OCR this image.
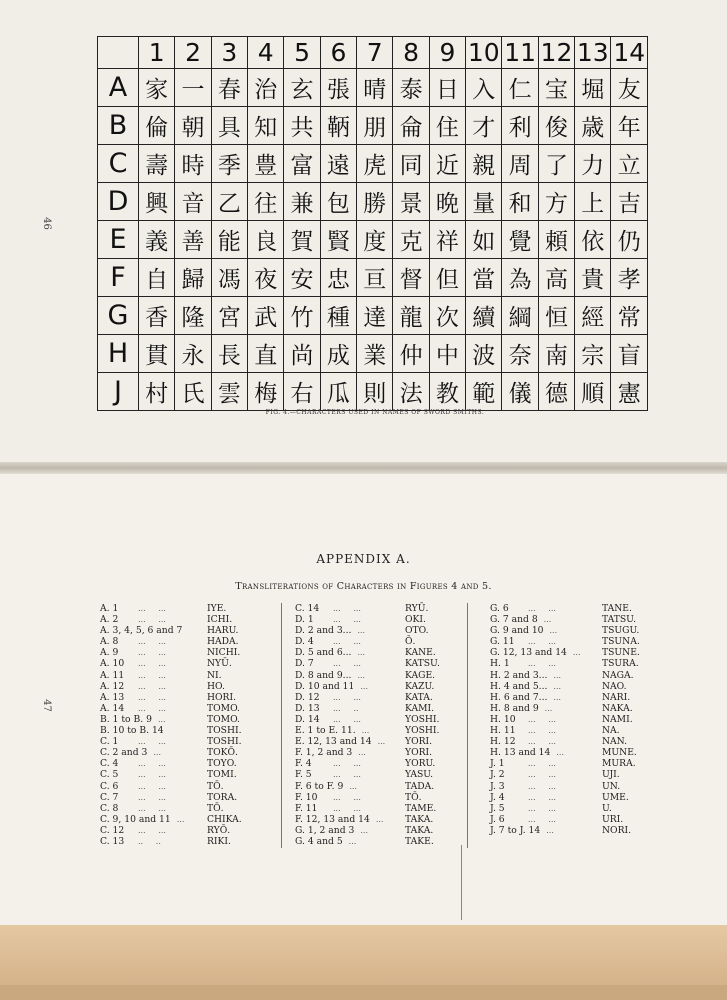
46
47
	1	2	3	4	5	6	7	8	9	10	11	12	13	14
A	家	一	春	治	玄	張	晴	泰	日	入	仁	宝	堀	友
B	倫	朝	具	知	共	鞆	朋	侖	住	才	利	俊	歳	年
C	壽	時	季	豊	富	遠	虎	同	近	親	周	了	力	立
D	興	音	乙	往	兼	包	勝	景	晩	量	和	方	上	吉
E	義	善	能	良	賀	賢	度	克	祥	如	覺	頼	依	仍
F	自	歸	馮	夜	安	忠	亘	督	但	當	為	高	貴	孝
G	香	隆	宮	武	竹	種	達	龍	次	續	綱	恒	經	常
H	貫	永	長	直	尚	成	業	仲	中	波	奈	南	宗	盲
J	村	氏	雲	梅	右	瓜	則	法	教	範	儀	德	順	憲
FIG. 4.—CHARACTERS USED IN NAMES OF SWORD SMITHS.
APPENDIX A.
Transliterations of Characters in Figures 4 and 5.
A. 1 ...     ...	IYE.
A. 2 ...     ...	ICHI.
A. 3, 4, 5, 6 and 7	HARU.
A. 8 ...     ...	HADA.
A. 9 ...     ...	NICHI.
A. 10 ...     ...	NYŪ.
A. 11 ...     ...	NI.
A. 12 ...     ...	HO.
A. 13 ...     ...	HORI.
A. 14 ...     ...	TOMO.
B. 1 to B. 9 ...	TOMO.
B. 10 to B. 14	TOSHI.
C. 1 ...     ...	TOSHI.
C. 2 and 3 ...	TOKŌ.
C. 4 ...     ...	TOYO.
C. 5 ...     ...	TOMI.
C. 6 ...     ...	TŌ.
C. 7 ...     ...	TORA.
C. 8 ...     ...	TŌ.
C. 9, 10 and 11 ... CHIKA.
C. 12 ...     ...	RYŌ.
C. 13 ..     ..	RIKI.
C. 14 ...     ...	RYŪ.
D. 1 ...     ...	OKI.
D. 2 and 3... ...	OTO.
D. 4 ...     ...	Ō.
D. 5 and 6... ...	KANE.
D. 7 ...     ...	KATSU.
D. 8 and 9... ...	KAGE.
D. 10 and 11 ...	KAZU.
D. 12 ...     ...	KATA.
D. 13 ...     ..	KAMI.
D. 14 ...     ...	YOSHI.
E. 1 to E. 11. ...	YOSHI.
E. 12, 13 and 14 ... YORI.
F. 1, 2 and 3 ...	YORI.
F. 4	...     ...	YORU.
F. 5	...     ...	YASU.
F. 6 to F. 9 ...	TADA.
F. 10 ...     ...	TŌ.
F. 11 ...     ...	TAME.
F. 12, 13 and 14 ... TAKA.
G. 1, 2 and 3 ...	TAKA.
G. 4 and 5 ...	TAKE.
G. 6 ...     ...	TANE.
G. 7 and 8 ...	TATSU.
G. 9 and 10 ...	TSUGU.
G. 11 ...     ...	TSUNA.
G. 12, 13 and 14 ... TSUNE.
H. 1 ...     ...	TSURA.
H. 2 and 3... ...	NAGA.
H. 4 and 5... ...	NAO.
H. 6 and 7... ...	NARI.
H. 8 and 9 ...	NAKA.
H. 10 ...     ...	NAMI.
H. 11 ...     ...	NA.
H. 12 ...     ...	NAN.
H. 13 and 14 ...	MUNE.
J. 1	...     ...	MURA.
J. 2	...     ...	UJI.
J. 3	...     ...	UN.
J. 4	...     ...	UME.
J. 5	...     ...	U.
J. 6	...     ...	URI.
J. 7 to J. 14 ...	NORI.
